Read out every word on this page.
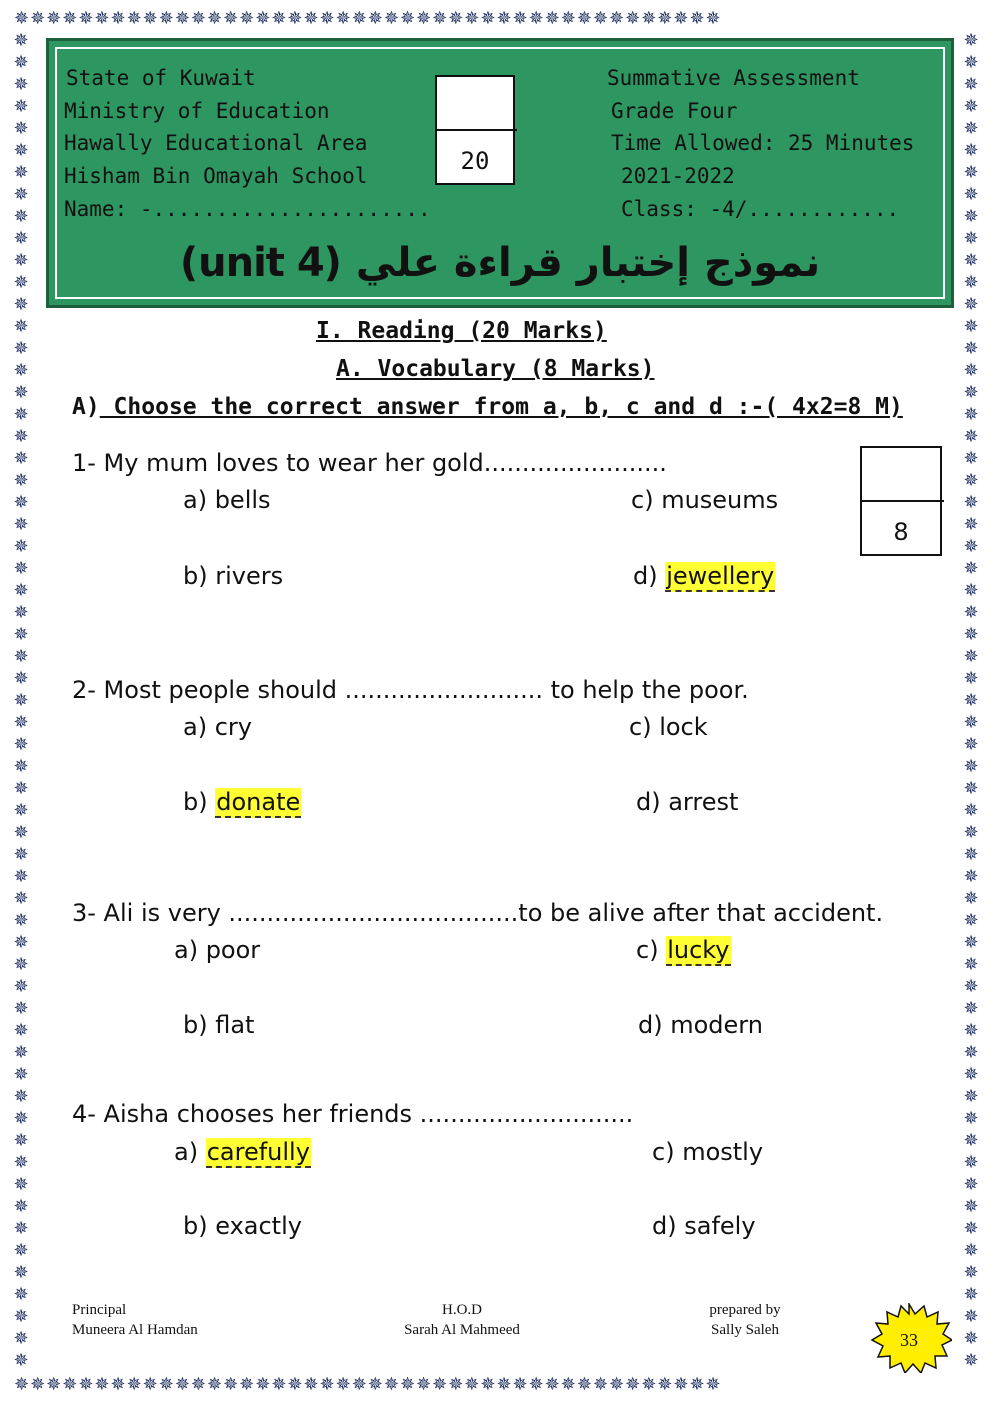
✵✵✵✵✵✵✵✵✵✵✵✵✵✵✵✵✵✵✵✵✵✵✵✵✵✵✵✵✵✵✵✵✵✵✵✵✵✵✵✵✵✵✵✵
✵✵✵✵✵✵✵✵✵✵✵✵✵✵✵✵✵✵✵✵✵✵✵✵✵✵✵✵✵✵✵✵✵✵✵✵✵✵✵✵✵✵✵✵
✵✵✵✵✵✵✵✵✵✵✵✵✵✵✵✵✵✵✵✵✵✵✵✵✵✵✵✵✵✵✵✵✵✵✵✵✵✵✵✵✵✵✵✵✵✵✵✵✵✵✵✵✵✵✵✵✵✵✵✵✵
✵✵✵✵✵✵✵✵✵✵✵✵✵✵✵✵✵✵✵✵✵✵✵✵✵✵✵✵✵✵✵✵✵✵✵✵✵✵✵✵✵✵✵✵✵✵✵✵✵✵✵✵✵✵✵✵✵✵✵✵✵
State of Kuwait
Ministry of Education
Hawally Educational Area
Hisham Bin Omayah School
Name: -......................
Summative Assessment
Grade Four
Time Allowed: 25 Minutes
2021-2022
Class: -4/............
20
نموذج إختبار قراءة علي (unit 4)
I. Reading (20 Marks)
A. Vocabulary (8 Marks)
A) Choose the correct answer from a, b, c and d :-( 4x2=8 M)
8
1- My mum loves to wear her gold........................
a) bells	c) museums
b) rivers	d) jewellery
2- Most people should .......................... to help the poor.
a) cry	c) lock
b) donate	d) arrest
3- Ali is very ......................................to be alive after that accident.
a) poor	c) lucky
b) flat	d) modern
4- Aisha chooses her friends ............................
a) carefully	c) mostly
b) exactly	d) safely
Principal
Muneera Al Hamdan
H.O.D
Sarah Al Mahmeed
prepared by
Sally Saleh	33
